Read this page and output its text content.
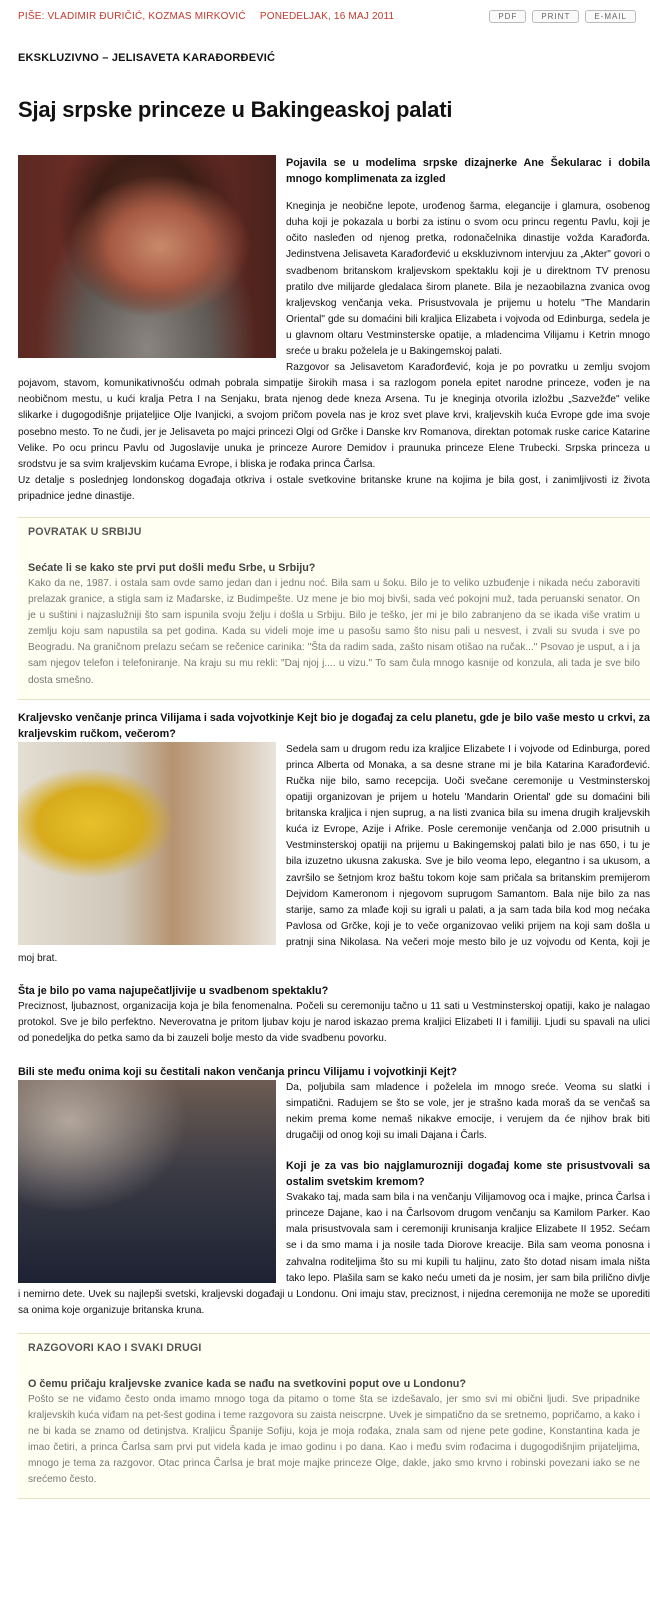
PIŠE: VLADIMIR ĐURIČIĆ, KOZMAS MIRKOVIĆ PONEDELJAK, 16 MAJ 2011	PDF	PRINT	E-MAIL
EKSKLUZIVNO – JELISAVETA KARAĐORĐEVIĆ
Sjaj srpske princeze u Bakingeaskoj palati

Pojavila se u modelima srpske dizajnerke Ane Šekularac i dobila mnogo komplimenata za izgled

Kneginja je neobične lepote, urođenog šarma, elegancije i glamura, osobenog duha koji je pokazala u borbi za istinu o svom ocu princu regentu Pavlu, koji je očito nasleđen od njenog pretka, rodonačelnika dinastije vožda Karađorđa. Jedinstvena Jelisaveta Karađorđević u ekskluzivnom intervjuu za „Akter" govori o svadbenom britanskom kraljevskom spektaklu koji je u direktnom TV prenosu pratilo dve milijarde gledalaca širom planete. Bila je nezaobilazna zvanica ovog kraljevskog venčanja veka. Prisustvovala je prijemu u hotelu "The Mandarin Oriental" gde su domaćini bili kraljica Elizabeta i vojvoda od Edinburga, sedela je u glavnom oltaru Vestminsterske opatije, a mladencima Vilijamu i Ketrin mnogo sreće u braku poželela je u Bakingemskoj palati.

Razgovor sa Jelisavetom Karađorđević, koja je po povratku u zemlju svojom pojavom, stavom, komunikativnošću odmah pobrala simpatije širokih masa i sa razlogom ponela epitet narodne princeze, vođen je na neobičnom mestu, u kući kralja Petra I na Senjaku, brata njenog dede kneza Arsena. Tu je kneginja otvorila izložbu „Sazvežđe" velike slikarke i dugogodišnje prijateljice Olje Ivanjicki, a svojom pričom povela nas je kroz svet plave krvi, kraljevskih kuća Evrope gde ima svoje posebno mesto. To ne čudi, jer je Jelisaveta po majci princezi Olgi od Grčke i Danske krv Romanova, direktan potomak ruske carice Katarine Velike. Po ocu princu Pavlu od Jugoslavije unuka je princeze Aurore Demidov i praunuka princeze Elene Trubecki. Srpska princeza u srodstvu je sa svim kraljevskim kućama Evrope, i bliska je rođaka princa Čarlsa.

Uz detalje s poslednjeg londonskog događaja otkriva i ostale svetkovine britanske krune na kojima je bila gost, i zanimljivosti iz života pripadnice jedne dinastije.

POVRATAK U SRBIJU
Sećate li se kako ste prvi put došli među Srbe, u Srbiju?

Kako da ne, 1987. i ostala sam ovde samo jedan dan i jednu noć. Bila sam u šoku. Bilo je to veliko uzbuđenje i nikada neću zaboraviti prelazak granice, a stigla sam iz Mađarske, iz Budimpešte. Uz mene je bio moj bivši, sada već pokojni muž, tada peruanski senator. On je u suštini i najzaslužniji što sam ispunila svoju želju i došla u Srbiju. Bilo je teško, jer mi je bilo zabranjeno da se ikada više vratim u zemlju koju sam napustila sa pet godina. Kada su videli moje ime u pasošu samo što nisu pali u nesvest, i zvali su svuda i sve po Beogradu. Na graničnom prelazu sećam se rečenice carinika: "Šta da radim sada, zašto nisam otišao na ručak..." Psovao je usput, a i ja sam njegov telefon i telefoniranje. Na kraju su mu rekli: "Daj njoj j.... u vizu." To sam čula mnogo kasnije od konzula, ali tada je sve bilo dosta smešno.

Kraljevsko venčanje princa Vilijama i sada vojvotkinje Kejt bio je događaj za celu planetu, gde je bilo vaše mesto u crkvi, za kraljevskim ručkom, večerom?

Sedela sam u drugom redu iza kraljice Elizabete I i vojvode od Edinburga, pored princa Alberta od Monaka, a sa desne strane mi je bila Katarina Karađorđević. Ručka nije bilo, samo recepcija. Uoči svečane ceremonije u Vestminsterskoj opatiji organizovan je prijem u hotelu 'Mandarin Oriental' gde su domaćini bili britanska kraljica i njen suprug, a na listi zvanica bila su imena drugih kraljevskih kuća iz Evrope, Azije i Afrike. Posle ceremonije venčanja od 2.000 prisutnih u Vestminsterskoj opatiji na prijemu u Bakingemskoj palati bilo je nas 650, i tu je bila izuzetno ukusna zakuska. Sve je bilo veoma lepo, elegantno i sa ukusom, a završilo se šetnjom kroz baštu tokom koje sam pričala sa britanskim premijerom Dejvidom Kameronom i njegovom suprugom Samantom. Bala nije bilo za nas starije, samo za mlađe koji su igrali u palati, a ja sam tada bila kod mog nećaka Pavlosa od Grčke, koji je to veče organizovao veliki prijem na koji sam došla u pratnji sina Nikolasa. Na večeri moje mesto bilo je uz vojvodu od Kenta, koji je moj brat.

Šta je bilo po vama najupečatljivije u svadbenom spektaklu?

Preciznost, ljubaznost, organizacija koja je bila fenomenalna. Počeli su ceremoniju tačno u 11 sati u Vestminsterskoj opatiji, kako je nalagao protokol. Sve je bilo perfektno. Neverovatna je pritom ljubav koju je narod iskazao prema kraljici Elizabeti II i familiji. Ljudi su spavali na ulici od ponedeljka do petka samo da bi zauzeli bolje mesto da vide svadbenu povorku.

Bili ste među onima koji su čestitali nakon venčanja princu Vilijamu i vojvotkinji Kejt?

Da, poljubila sam mladence i poželela im mnogo sreće. Veoma su slatki i simpatični. Radujem se što se vole, jer je strašno kada moraš da se venčaš sa nekim prema kome nemaš nikakve emocije, i verujem da će njihov brak biti drugačiji od onog koji su imali Dajana i Čarls.

Koji je za vas bio najglamurozniji događaj kome ste prisustvovali sa ostalim svetskim kremom?

Svakako taj, mada sam bila i na venčanju Vilijamovog oca i majke, princa Čarlsa i princeze Dajane, kao i na Čarlsovom drugom venčanju sa Kamilom Parker. Kao mala prisustvovala sam i ceremoniji krunisanja kraljice Elizabete II 1952. Sećam se i da smo mama i ja nosile tada Diorove kreacije. Bila sam veoma ponosna i zahvalna roditeljima što su mi kupili tu haljinu, zato što dotad nisam imala ništa tako lepo. Plašila sam se kako neću umeti da je nosim, jer sam bila prilično divlje i nemirno dete. Uvek su najlepši svetski, kraljevski događaji u Londonu. Oni imaju stav, preciznost, i nijedna ceremonija ne može se uporediti sa onima koje organizuje britanska kruna.

RAZGOVORI KAO I SVAKI DRUGI
O čemu pričaju kraljevske zvanice kada se nađu na svetkovini poput ove u Londonu?

Pošto se ne viđamo često onda imamo mnogo toga da pitamo o tome šta se izdešavalo, jer smo svi mi obični ljudi. Sve pripadnike kraljevskih kuća viđam na pet-šest godina i teme razgovora su zaista neiscrpne. Uvek je simpatično da se sretnemo, popričamo, a kako i ne bi kada se znamo od detinjstva. Kraljicu Španije Sofiju, koja je moja rođaka, znala sam od njene pete godine, Konstantina kada je imao četiri, a princa Čarlsa sam prvi put videla kada je imao godinu i po dana. Kao i među svim rođacima i dugogodišnjim prijateljima, mnogo je tema za razgovor. Otac princa Čarlsa je brat moje majke princeze Olge, dakle, jako smo krvno i robinski povezani iako se ne srećemo često.
